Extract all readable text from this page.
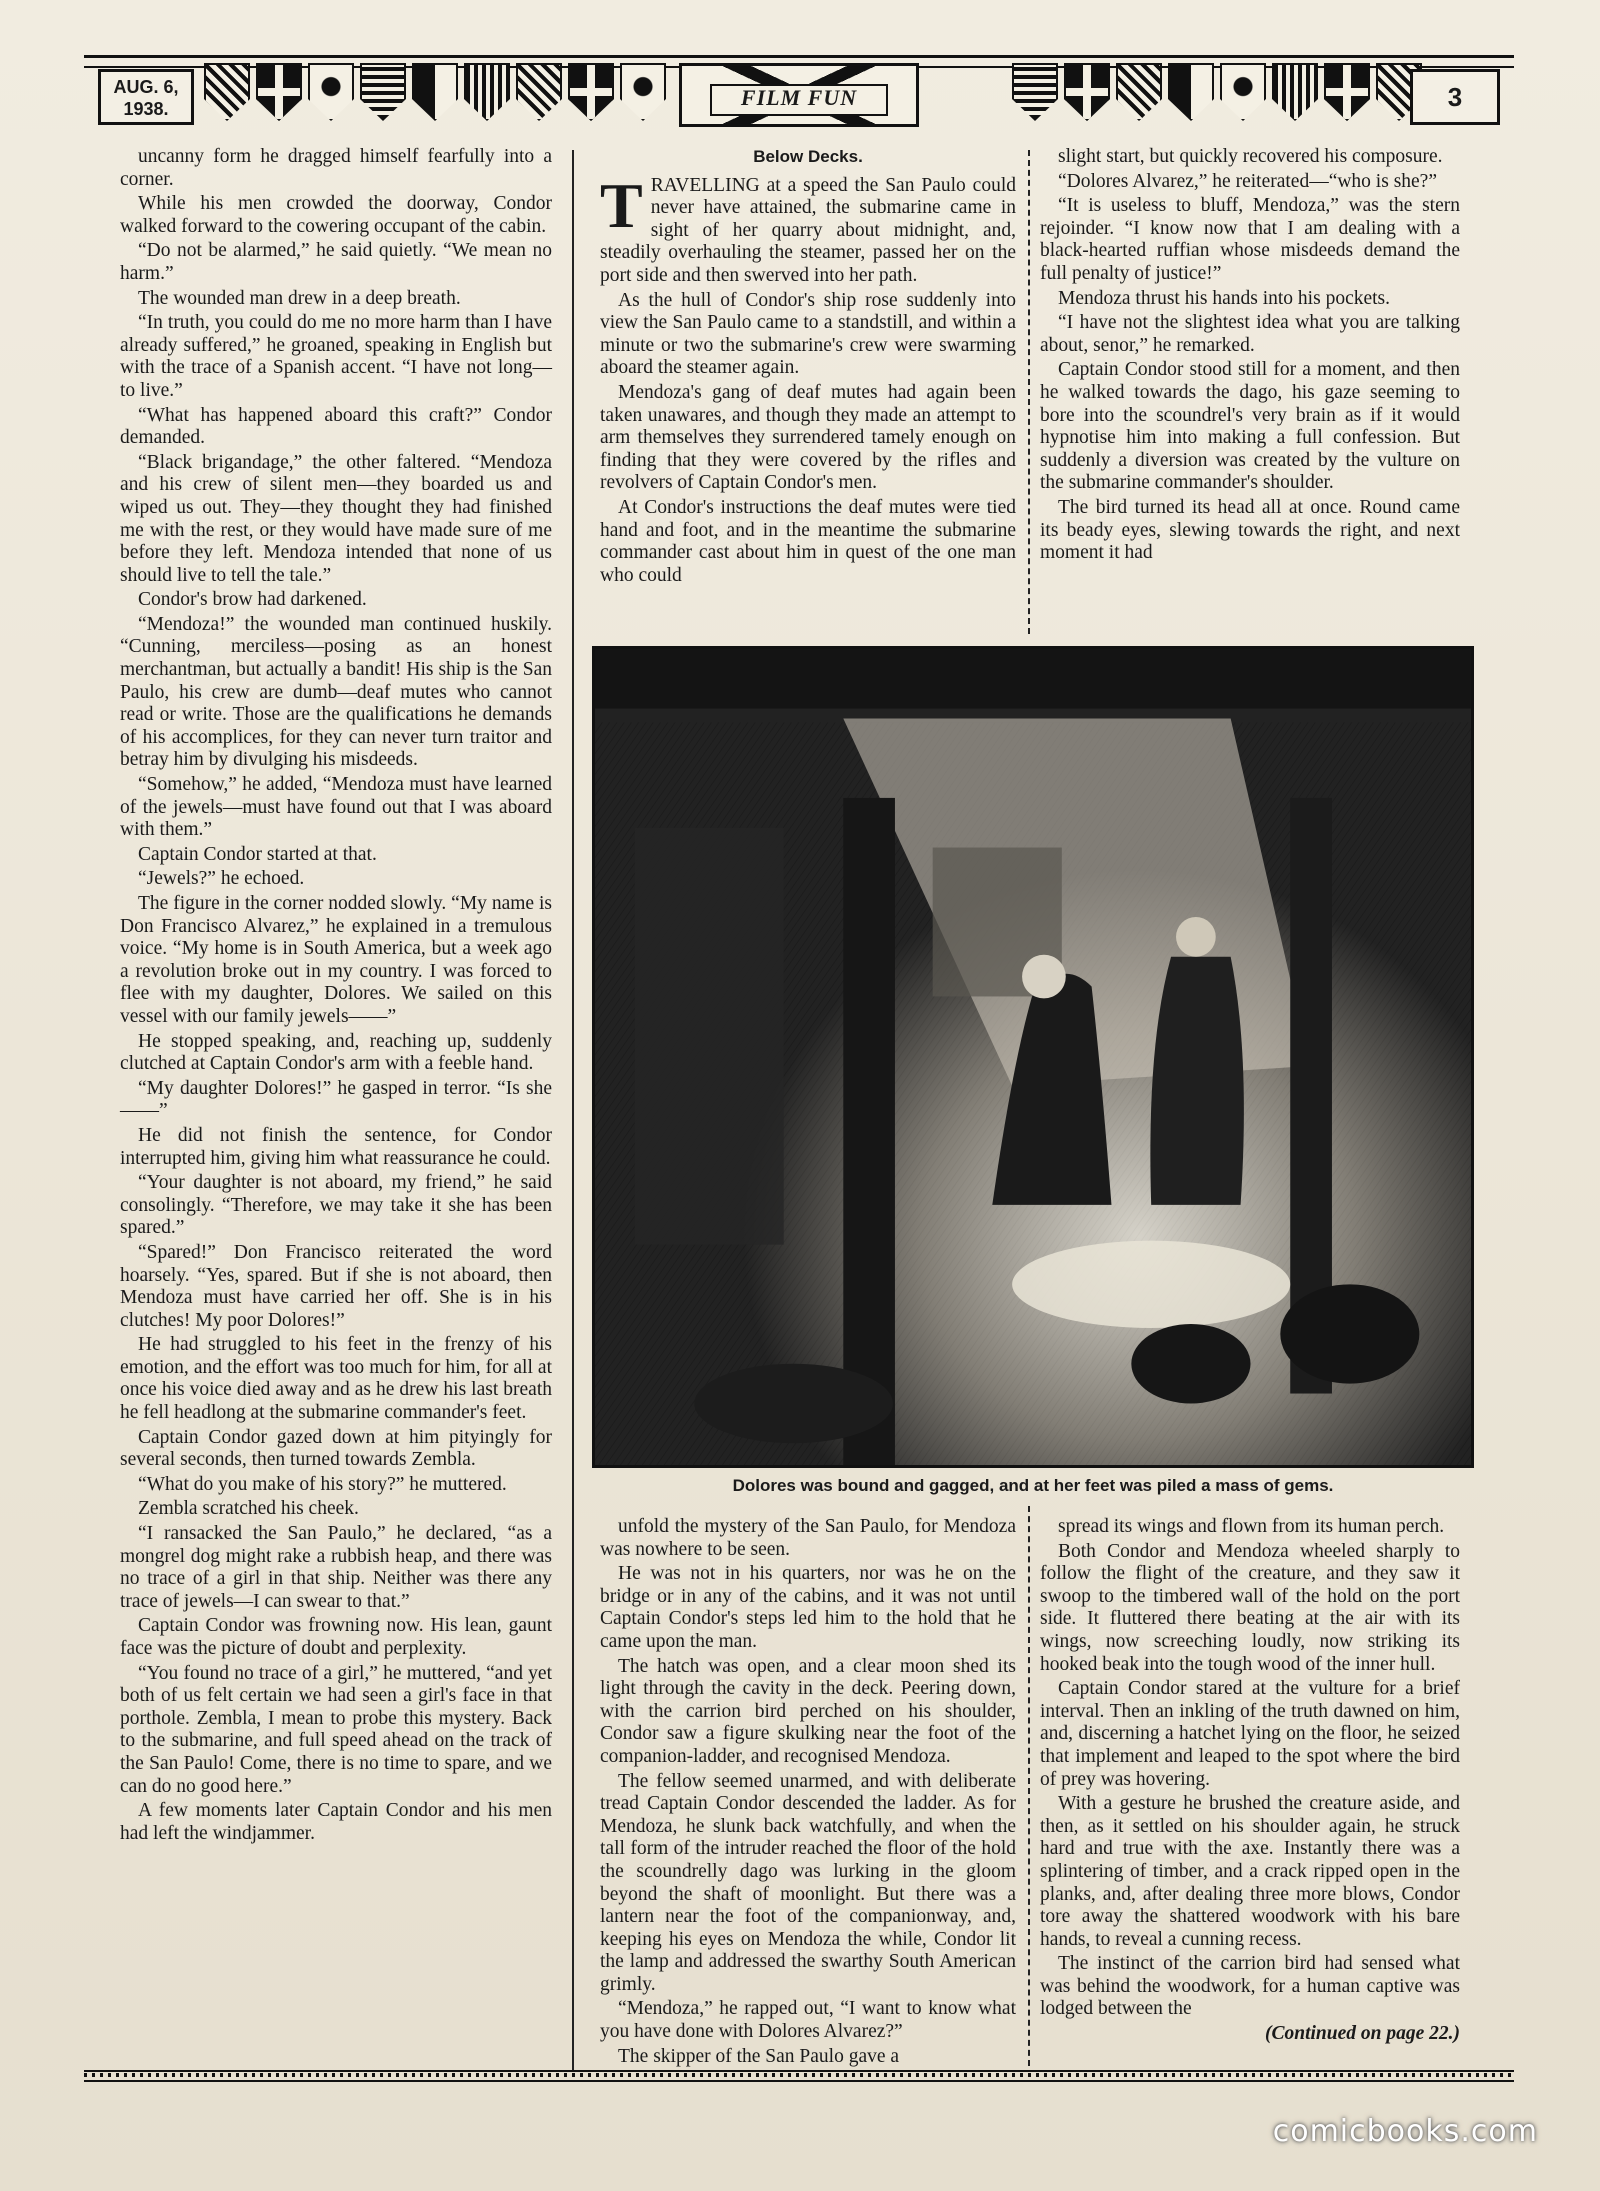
AUG. 6,
1938.	FILM FUN	3

uncanny form he dragged himself fearfully into a corner.

While his men crowded the doorway, Condor walked forward to the cowering occupant of the cabin.

“Do not be alarmed,” he said quietly. “We mean no harm.”

The wounded man drew in a deep breath.

“In truth, you could do me no more harm than I have already suffered,” he groaned, speaking in English but with the trace of a Spanish accent. “I have not long—to live.”

“What has happened aboard this craft?” Condor demanded.

“Black brigandage,” the other faltered. “Mendoza and his crew of silent men—they boarded us and wiped us out. They—they thought they had finished me with the rest, or they would have made sure of me before they left. Mendoza intended that none of us should live to tell the tale.”

Condor's brow had darkened.

“Mendoza!” the wounded man continued huskily. “Cunning, merciless—posing as an honest merchantman, but actually a bandit! His ship is the San Paulo, his crew are dumb—deaf mutes who cannot read or write. Those are the qualifications he demands of his accomplices, for they can never turn traitor and betray him by divulging his misdeeds.

“Somehow,” he added, “Mendoza must have learned of the jewels—must have found out that I was aboard with them.”

Captain Condor started at that.

“Jewels?” he echoed.

The figure in the corner nodded slowly. “My name is Don Francisco Alvarez,” he explained in a tremulous voice. “My home is in South America, but a week ago a revolution broke out in my country. I was forced to flee with my daughter, Dolores. We sailed on this vessel with our family jewels——”

He stopped speaking, and, reaching up, suddenly clutched at Captain Condor's arm with a feeble hand.

“My daughter Dolores!” he gasped in terror. “Is she——”

He did not finish the sentence, for Condor interrupted him, giving him what reassurance he could.

“Your daughter is not aboard, my friend,” he said consolingly. “Therefore, we may take it she has been spared.”

“Spared!” Don Francisco reiterated the word hoarsely. “Yes, spared. But if she is not aboard, then Mendoza must have carried her off. She is in his clutches! My poor Dolores!”

He had struggled to his feet in the frenzy of his emotion, and the effort was too much for him, for all at once his voice died away and as he drew his last breath he fell headlong at the submarine commander's feet.

Captain Condor gazed down at him pityingly for several seconds, then turned towards Zembla.

“What do you make of his story?” he muttered.

Zembla scratched his cheek.

“I ransacked the San Paulo,” he declared, “as a mongrel dog might rake a rubbish heap, and there was no trace of a girl in that ship. Neither was there any trace of jewels—I can swear to that.”

Captain Condor was frowning now. His lean, gaunt face was the picture of doubt and perplexity.

“You found no trace of a girl,” he muttered, “and yet both of us felt certain we had seen a girl's face in that porthole. Zembla, I mean to probe this mystery. Back to the submarine, and full speed ahead on the track of the San Paulo! Come, there is no time to spare, and we can do no good here.”

A few moments later Captain Condor and his men had left the windjammer.

Below Decks.

TRAVELLING at a speed the San Paulo could never have attained, the submarine came in sight of her quarry about midnight, and, steadily overhauling the steamer, passed her on the port side and then swerved into her path.

As the hull of Condor's ship rose suddenly into view the San Paulo came to a standstill, and within a minute or two the submarine's crew were swarming aboard the steamer again.

Mendoza's gang of deaf mutes had again been taken unawares, and though they made an attempt to arm themselves they surrendered tamely enough on finding that they were covered by the rifles and revolvers of Captain Condor's men.

At Condor's instructions the deaf mutes were tied hand and foot, and in the meantime the submarine commander cast about him in quest of the one man who could

slight start, but quickly recovered his composure.

“Dolores Alvarez,” he reiterated—“who is she?”

“It is useless to bluff, Mendoza,” was the stern rejoinder. “I know now that I am dealing with a black-hearted ruffian whose misdeeds demand the full penalty of justice!”

Mendoza thrust his hands into his pockets.

“I have not the slightest idea what you are talking about, senor,” he remarked.

Captain Condor stood still for a moment, and then he walked towards the dago, his gaze seeming to bore into the scoundrel's very brain as if it would hypnotise him into making a full confession. But suddenly a diversion was created by the vulture on the submarine commander's shoulder.

The bird turned its head all at once. Round came its beady eyes, slewing towards the right, and next moment it had

Dolores was bound and gagged, and at her feet was piled a mass of gems.

unfold the mystery of the San Paulo, for Mendoza was nowhere to be seen.

He was not in his quarters, nor was he on the bridge or in any of the cabins, and it was not until Captain Condor's steps led him to the hold that he came upon the man.

The hatch was open, and a clear moon shed its light through the cavity in the deck. Peering down, with the carrion bird perched on his shoulder, Condor saw a figure skulking near the foot of the companion-ladder, and recognised Mendoza.

The fellow seemed unarmed, and with deliberate tread Captain Condor descended the ladder. As for Mendoza, he slunk back watchfully, and when the tall form of the intruder reached the floor of the hold the scoundrelly dago was lurking in the gloom beyond the shaft of moonlight. But there was a lantern near the foot of the companionway, and, keeping his eyes on Mendoza the while, Condor lit the lamp and addressed the swarthy South American grimly.

“Mendoza,” he rapped out, “I want to know what you have done with Dolores Alvarez?”

The skipper of the San Paulo gave a

spread its wings and flown from its human perch.

Both Condor and Mendoza wheeled sharply to follow the flight of the creature, and they saw it swoop to the timbered wall of the hold on the port side. It fluttered there beating at the air with its wings, now screeching loudly, now striking its hooked beak into the tough wood of the inner hull.

Captain Condor stared at the vulture for a brief interval. Then an inkling of the truth dawned on him, and, discerning a hatchet lying on the floor, he seized that implement and leaped to the spot where the bird of prey was hovering.

With a gesture he brushed the creature aside, and then, as it settled on his shoulder again, he struck hard and true with the axe. Instantly there was a splintering of timber, and a crack ripped open in the planks, and, after dealing three more blows, Condor tore away the shattered woodwork with his bare hands, to reveal a cunning recess.

The instinct of the carrion bird had sensed what was behind the woodwork, for a human captive was lodged between the

(Continued on page 22.)
comicbooks.com
